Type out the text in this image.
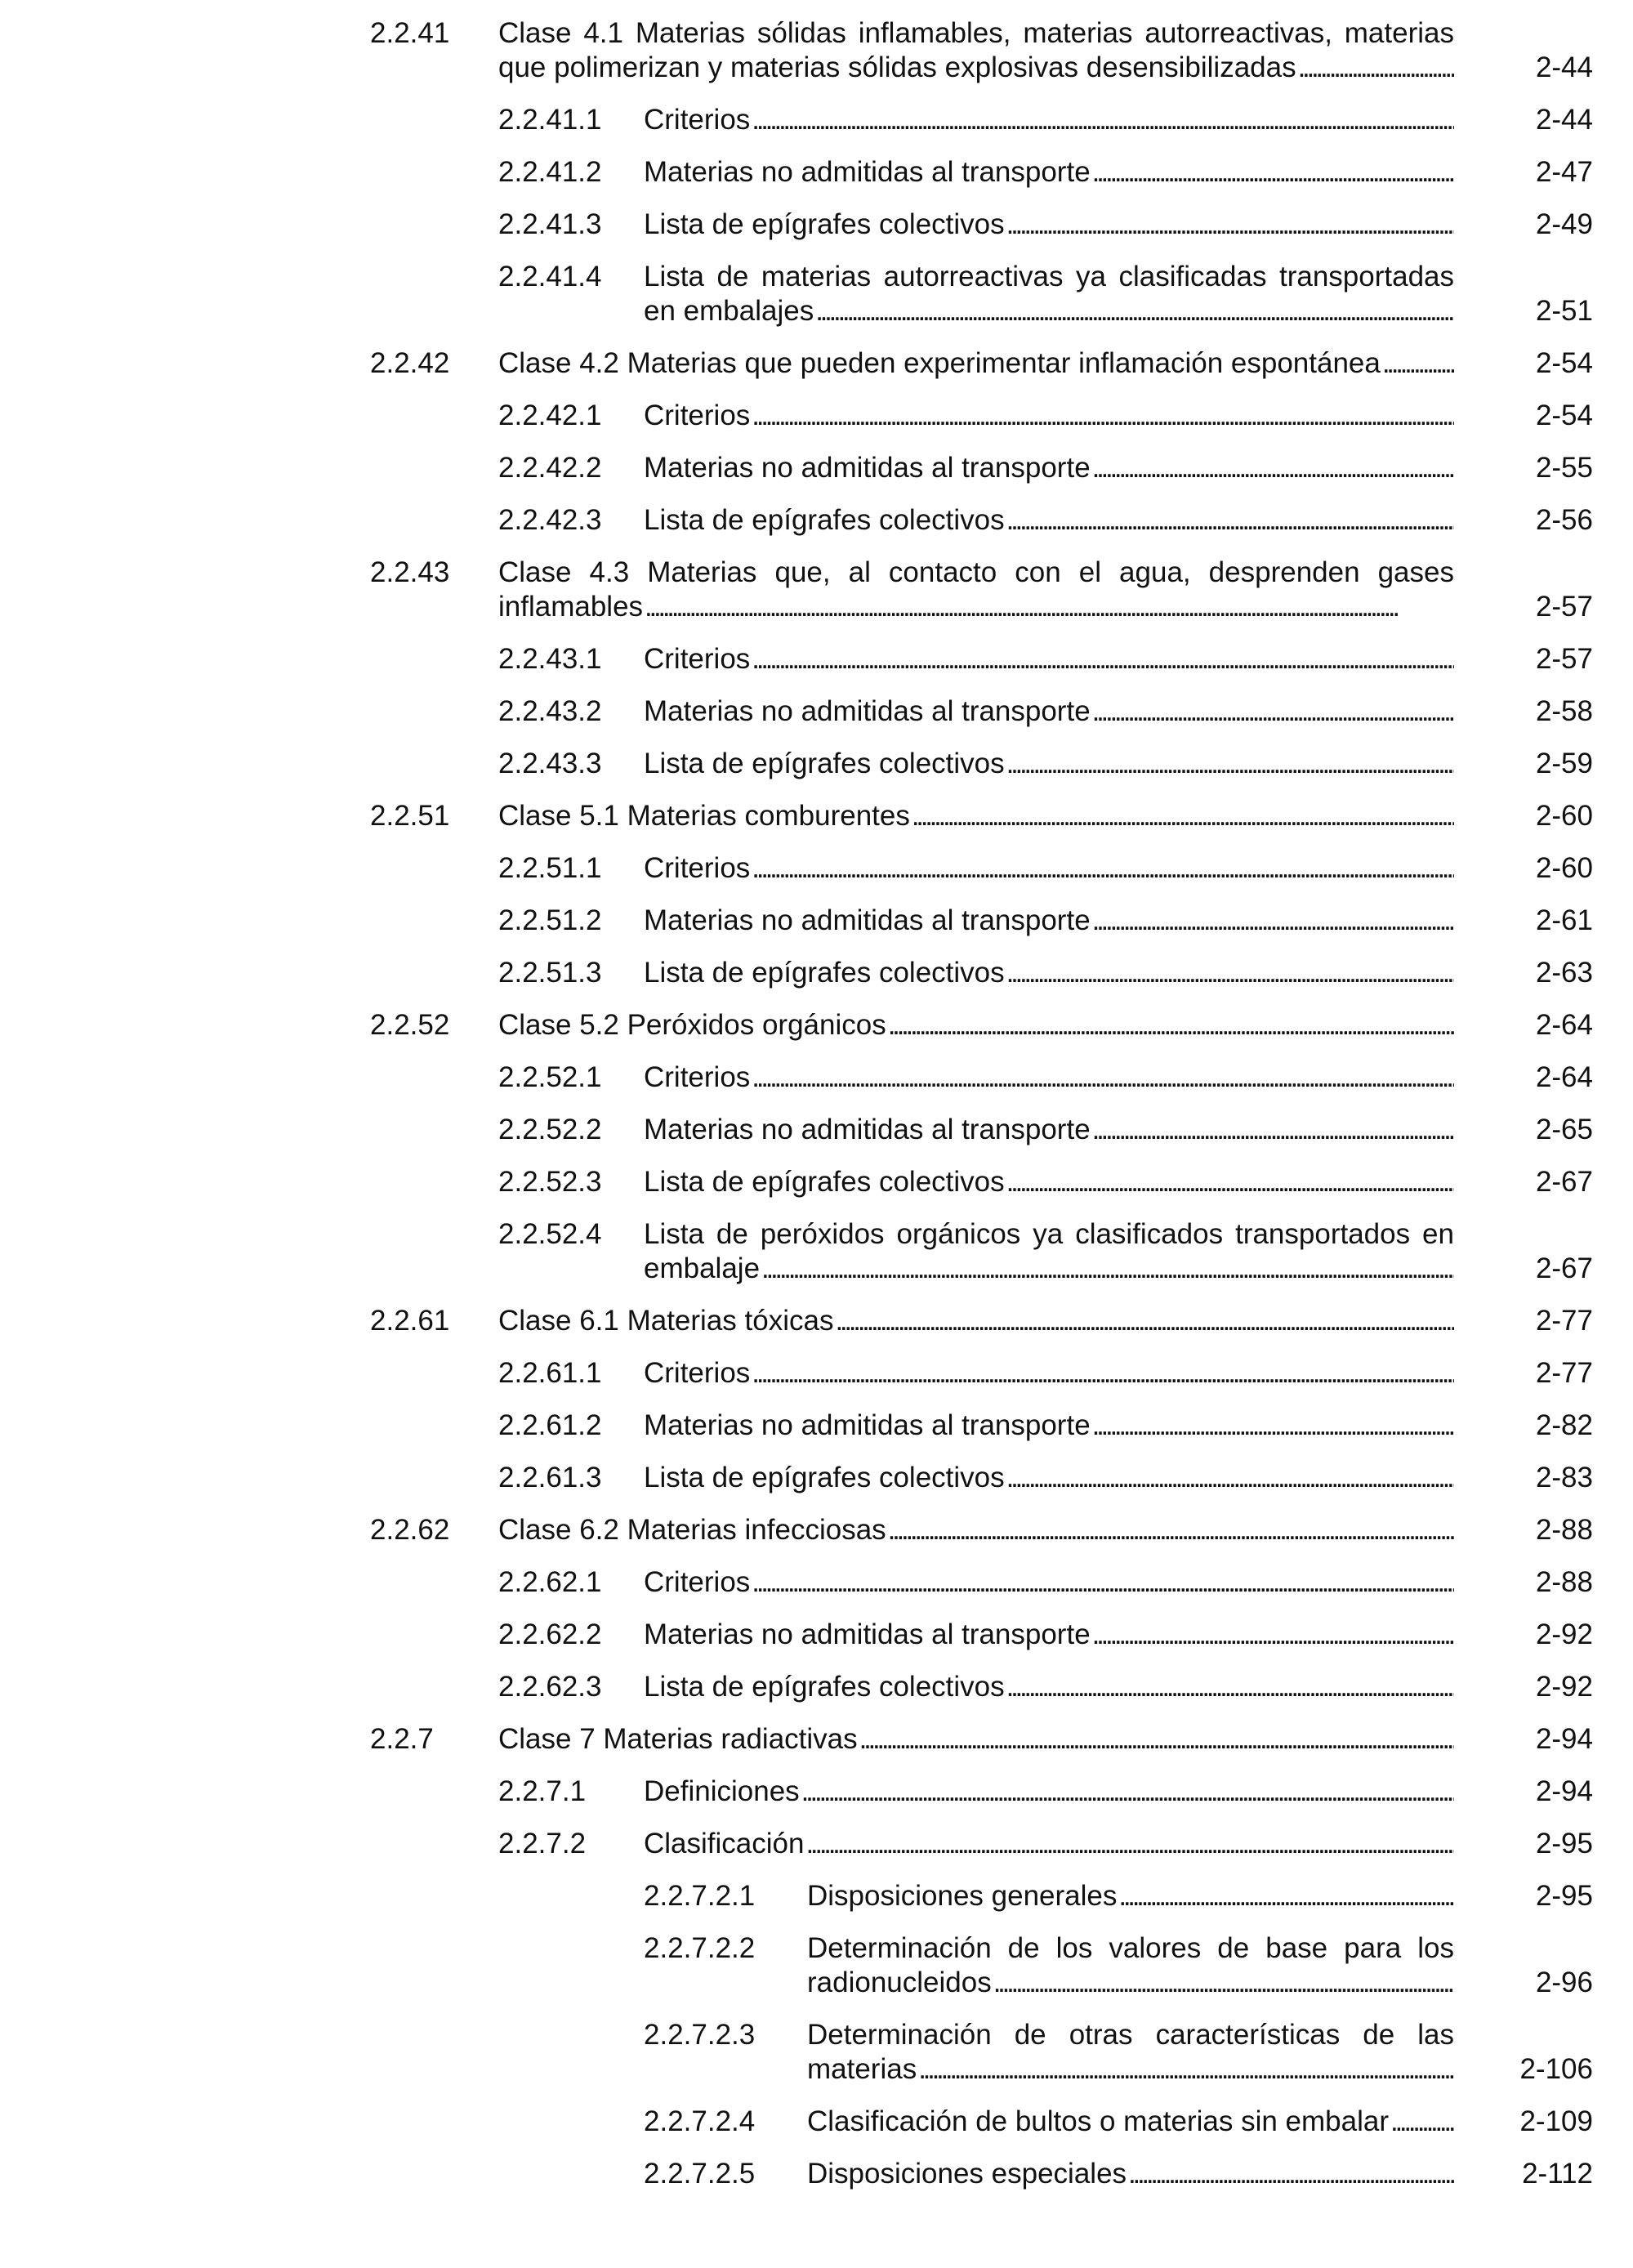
2.2.41 Clase 4.1 Materias sólidas inflamables, materias autorreactivas, materias que polimerizan y materias sólidas explosivas desensibilizadas . . .	2-44
2.2.41.1 Criterios . . .	2-44
2.2.41.2 Materias no admitidas al transporte . . .	2-47
2.2.41.3 Lista de epígrafes colectivos . . .	2-49
2.2.41.4 Lista de materias autorreactivas ya clasificadas transportadas en embalajes . . .	2-51
2.2.42 Clase 4.2 Materias que pueden experimentar inflamación espontánea . . .	2-54
2.2.42.1 Criterios . . .	2-54
2.2.42.2 Materias no admitidas al transporte . . .	2-55
2.2.42.3 Lista de epígrafes colectivos . . .	2-56
2.2.43 Clase 4.3 Materias que, al contacto con el agua, desprenden gases inflamables . . .	2-57
2.2.43.1 Criterios . . .	2-57
2.2.43.2 Materias no admitidas al transporte . . .	2-58
2.2.43.3 Lista de epígrafes colectivos . . .	2-59
2.2.51 Clase 5.1 Materias comburentes . . .	2-60
2.2.51.1 Criterios . . .	2-60
2.2.51.2 Materias no admitidas al transporte . . .	2-61
2.2.51.3 Lista de epígrafes colectivos . . .	2-63
2.2.52 Clase 5.2 Peróxidos orgánicos . . .	2-64
2.2.52.1 Criterios . . .	2-64
2.2.52.2 Materias no admitidas al transporte . . .	2-65
2.2.52.3 Lista de epígrafes colectivos . . .	2-67
2.2.52.4 Lista de peróxidos orgánicos ya clasificados transportados en embalaje . . .	2-67
2.2.61 Clase 6.1 Materias tóxicas . . .	2-77
2.2.61.1 Criterios . . .	2-77
2.2.61.2 Materias no admitidas al transporte . . .	2-82
2.2.61.3 Lista de epígrafes colectivos . . .	2-83
2.2.62 Clase 6.2 Materias infecciosas . . .	2-88
2.2.62.1 Criterios . . .	2-88
2.2.62.2 Materias no admitidas al transporte . . .	2-92
2.2.62.3 Lista de epígrafes colectivos . . .	2-92
2.2.7 Clase 7 Materias radiactivas . . .	2-94
2.2.7.1 Definiciones . . .	2-94
2.2.7.2 Clasificación . . .	2-95
2.2.7.2.1 Disposiciones generales . . .	2-95
2.2.7.2.2 Determinación de los valores de base para los radionucleidos . . .	2-96
2.2.7.2.3 Determinación de otras características de las materias . . .	2-106
2.2.7.2.4 Clasificación de bultos o materias sin embalar . . .	2-109
2.2.7.2.5 Disposiciones especiales . . .	2-112
